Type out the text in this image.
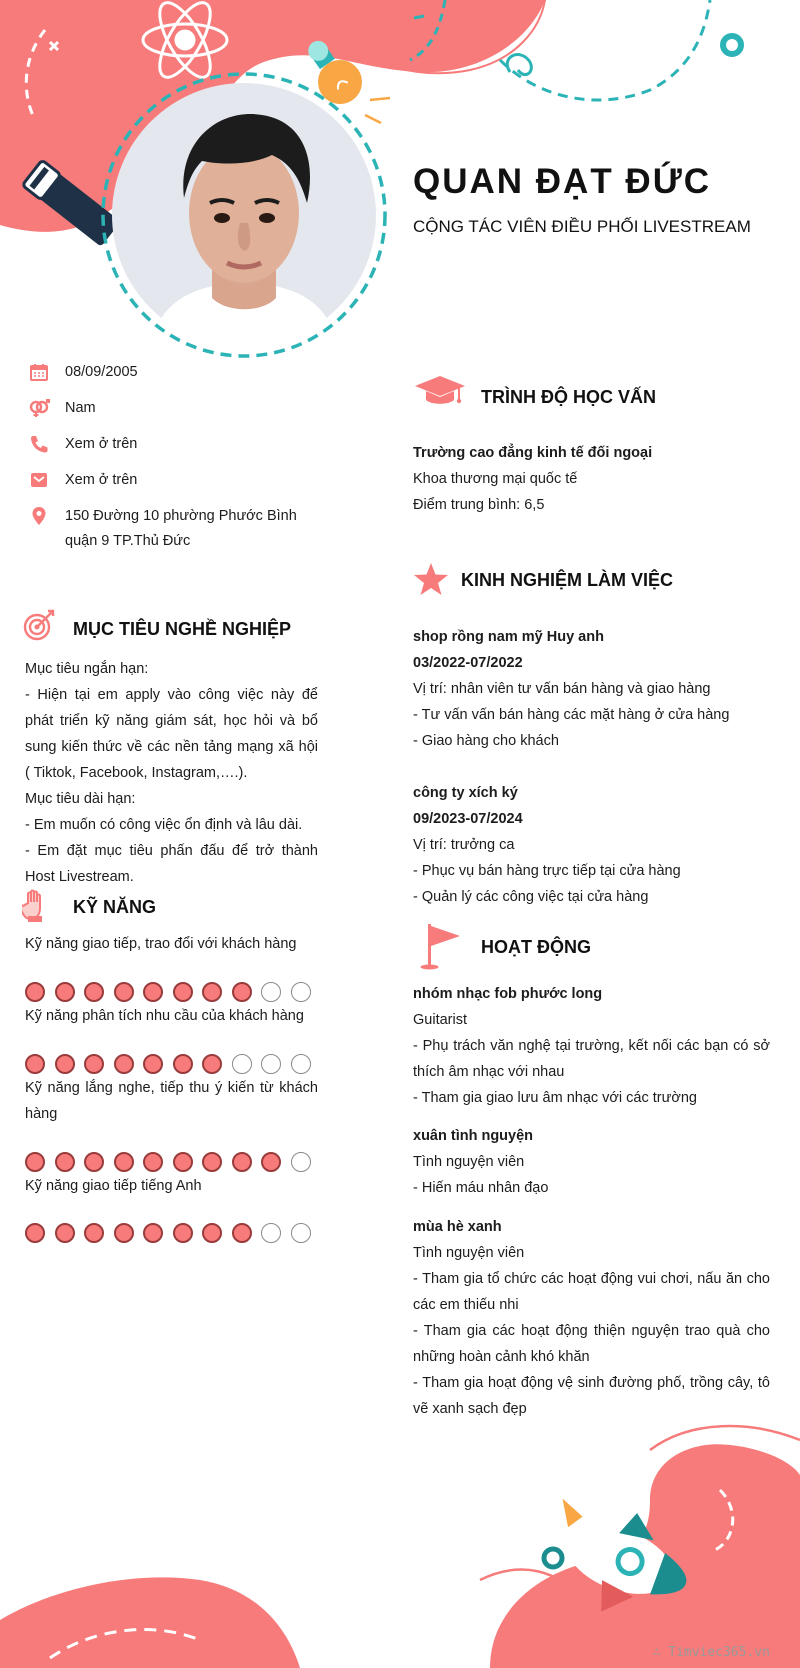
QUAN ĐẠT ĐỨC
CỘNG TÁC VIÊN ĐIỀU PHỐI LIVESTREAM
08/09/2005
Nam
Xem ở trên
Xem ở trên
150 Đường 10 phường Phước Bình quận 9 TP.Thủ Đức
MỤC TIÊU NGHỀ NGHIỆP

Mục tiêu ngắn hạn:

- Hiện tại em apply vào công việc này để phát triển kỹ năng giám sát, học hỏi và bổ sung kiến thức về các nền tảng mạng xã hội ( Tiktok, Facebook, Instagram,….).

Mục tiêu dài hạn:

- Em muốn có công việc ổn định và lâu dài.

- Em đặt mục tiêu phấn đấu để trở thành Host Livestream.

KỸ NĂNG
Kỹ năng giao tiếp, trao đổi với khách hàng
Kỹ năng phân tích nhu cầu của khách hàng
Kỹ năng lắng nghe, tiếp thu ý kiến từ khách hàng
Kỹ năng giao tiếp tiếng Anh
TRÌNH ĐỘ HỌC VẤN

Trường cao đẳng kinh tế đối ngoại

Khoa thương mại quốc tế

Điểm trung bình: 6,5

KINH NGHIỆM LÀM VIỆC

shop rồng nam mỹ Huy anh

03/2022-07/2022

Vị trí: nhân viên tư vấn bán hàng và giao hàng

- Tư vấn vấn bán hàng các mặt hàng ở cửa hàng

- Giao hàng cho khách

công ty xích ký

09/2023-07/2024

Vị trí: trưởng ca

- Phục vụ bán hàng trực tiếp tại cửa hàng

- Quản lý các công việc tại cửa hàng

HOẠT ĐỘNG

nhóm nhạc fob phước long

Guitarist

- Phụ trách văn nghệ tại trường, kết nối các bạn có sở thích âm nhạc với nhau

- Tham gia giao lưu âm nhạc với các trường

xuân tình nguyện

Tình nguyện viên

- Hiến máu nhân đạo

mùa hè xanh

Tình nguyện viên

- Tham gia tổ chức các hoạt động vui chơi, nấu ăn cho các em thiếu nhi

- Tham gia các hoạt động thiện nguyện trao quà cho những hoàn cảnh khó khăn

- Tham gia hoạt động vệ sinh đường phố, trồng cây, tô vẽ xanh sạch đẹp

∴ Timviec365.vn
